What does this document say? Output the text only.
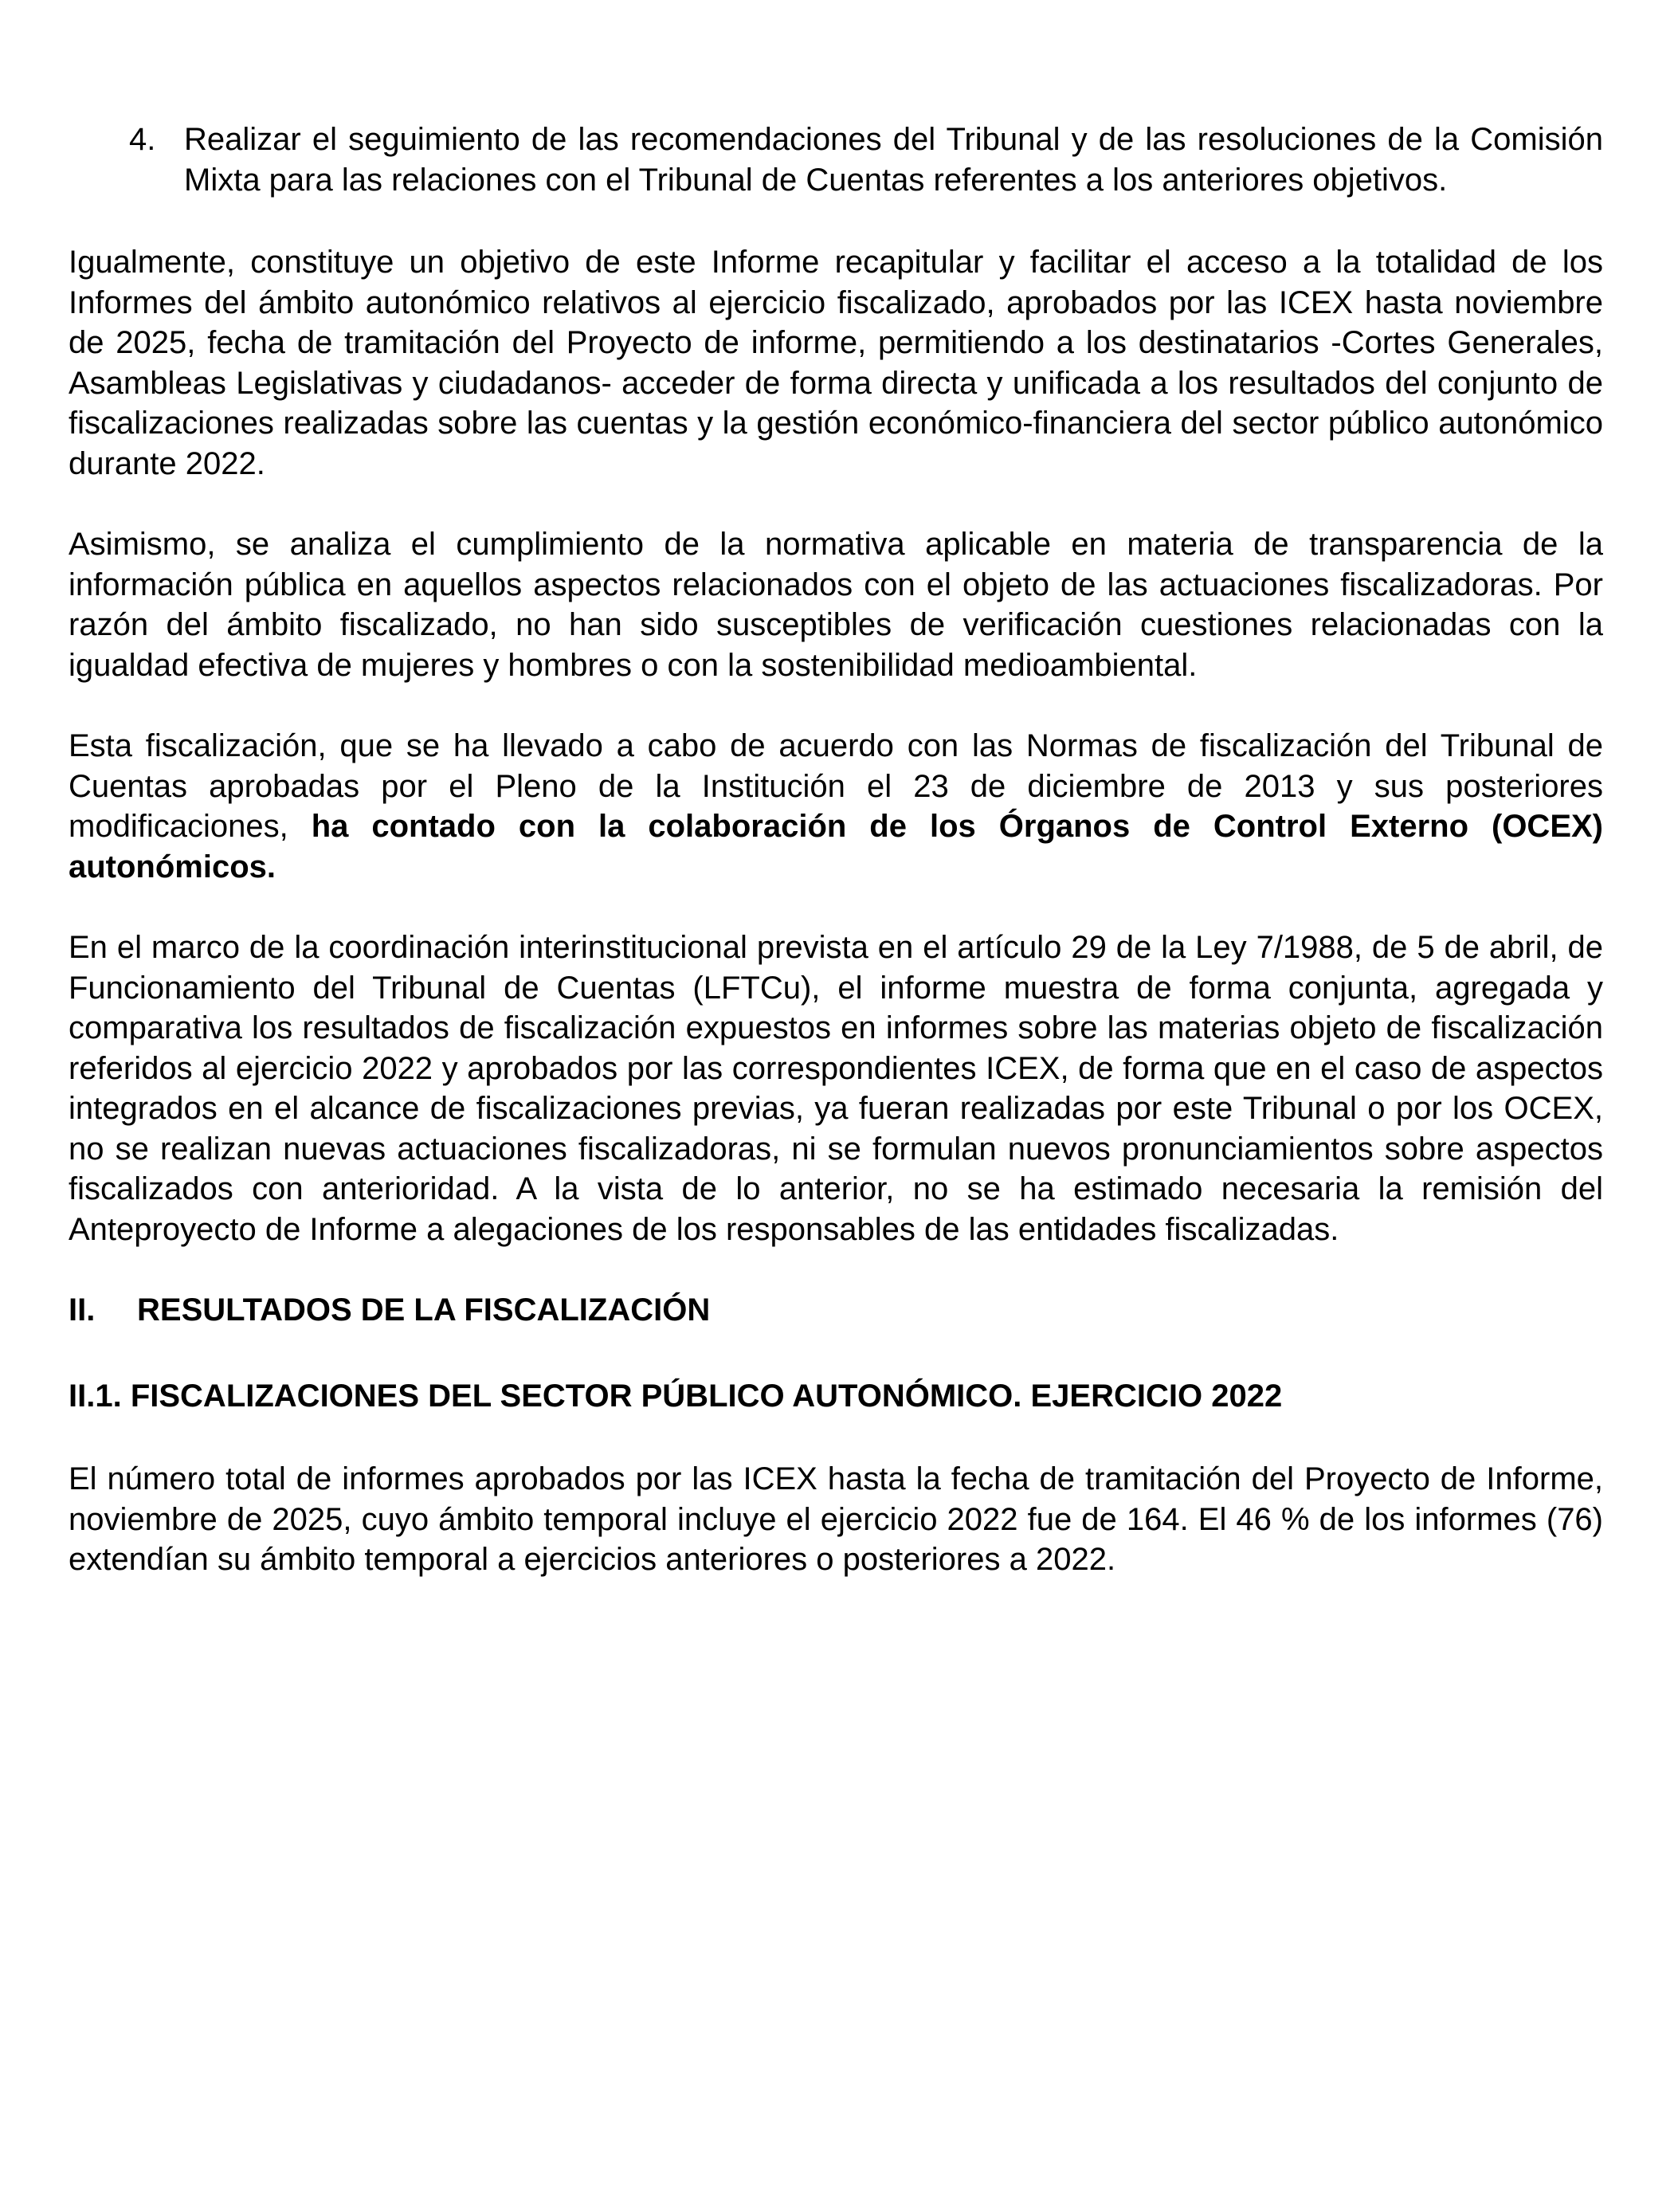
4. Realizar el seguimiento de las recomendaciones del Tribunal y de las resoluciones de la Comisión Mixta para las relaciones con el Tribunal de Cuentas referentes a los anteriores objetivos.

Igualmente, constituye un objetivo de este Informe recapitular y facilitar el acceso a la totalidad de los Informes del ámbito autonómico relativos al ejercicio fiscalizado, aprobados por las ICEX hasta noviembre de 2025, fecha de tramitación del Proyecto de informe, permitiendo a los destinatarios -Cortes Generales, Asambleas Legislativas y ciudadanos- acceder de forma directa y unificada a los resultados del conjunto de fiscalizaciones realizadas sobre las cuentas y la gestión económico-financiera del sector público autonómico durante 2022.

Asimismo, se analiza el cumplimiento de la normativa aplicable en materia de transparencia de la información pública en aquellos aspectos relacionados con el objeto de las actuaciones fiscalizadoras. Por razón del ámbito fiscalizado, no han sido susceptibles de verificación cuestiones relacionadas con la igualdad efectiva de mujeres y hombres o con la sostenibilidad medioambiental.

Esta fiscalización, que se ha llevado a cabo de acuerdo con las Normas de fiscalización del Tribunal de Cuentas aprobadas por el Pleno de la Institución el 23 de diciembre de 2013 y sus posteriores modificaciones, ha contado con la colaboración de los Órganos de Control Externo (OCEX) autonómicos.

En el marco de la coordinación interinstitucional prevista en el artículo 29 de la Ley 7/1988, de 5 de abril, de Funcionamiento del Tribunal de Cuentas (LFTCu), el informe muestra de forma conjunta, agregada y comparativa los resultados de fiscalización expuestos en informes sobre las materias objeto de fiscalización referidos al ejercicio 2022 y aprobados por las correspondientes ICEX, de forma que en el caso de aspectos integrados en el alcance de fiscalizaciones previas, ya fueran realizadas por este Tribunal o por los OCEX, no se realizan nuevas actuaciones fiscalizadoras, ni se formulan nuevos pronunciamientos sobre aspectos fiscalizados con anterioridad. A la vista de lo anterior, no se ha estimado necesaria la remisión del Anteproyecto de Informe a alegaciones de los responsables de las entidades fiscalizadas.

II.	RESULTADOS DE LA FISCALIZACIÓN
II.1. FISCALIZACIONES DEL SECTOR PÚBLICO AUTONÓMICO. EJERCICIO 2022

El número total de informes aprobados por las ICEX hasta la fecha de tramitación del Proyecto de Informe, noviembre de 2025, cuyo ámbito temporal incluye el ejercicio 2022 fue de 164. El 46 % de los informes (76) extendían su ámbito temporal a ejercicios anteriores o posteriores a 2022.
